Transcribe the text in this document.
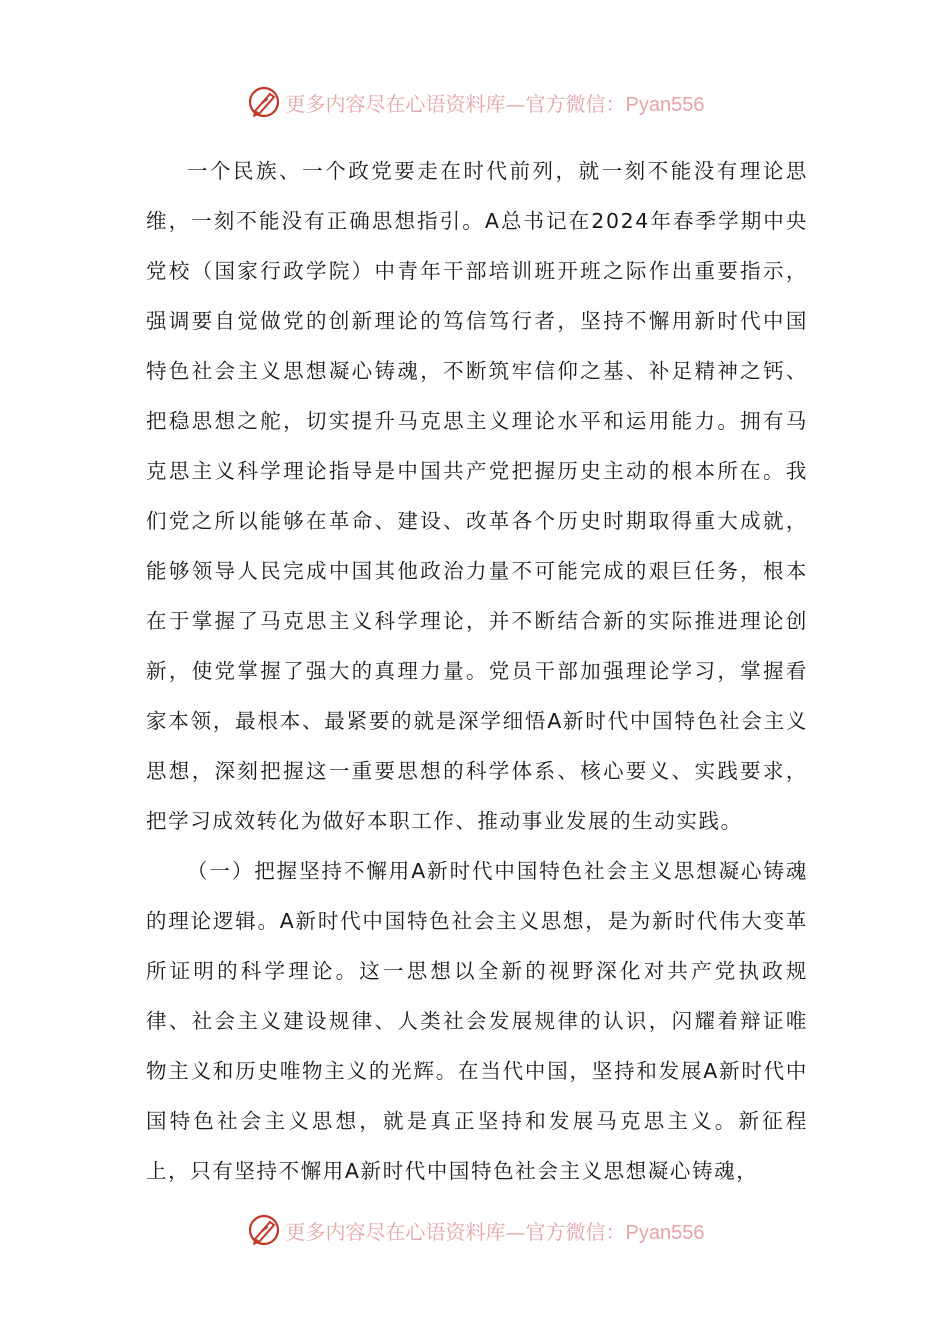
更多内容尽在心语资料库—官方微信：Pyan556

一个民族、一个政党要走在时代前列，就一刻不能没有理论思维，一刻不能没有正确思想指引。A总书记在2024年春季学期中央党校（国家行政学院）中青年干部培训班开班之际作出重要指示，强调要自觉做党的创新理论的笃信笃行者，坚持不懈用新时代中国特色社会主义思想凝心铸魂，不断筑牢信仰之基、补足精神之钙、把稳思想之舵，切实提升马克思主义理论水平和运用能力。拥有马克思主义科学理论指导是中国共产党把握历史主动的根本所在。我们党之所以能够在革命、建设、改革各个历史时期取得重大成就，能够领导人民完成中国其他政治力量不可能完成的艰巨任务，根本在于掌握了马克思主义科学理论，并不断结合新的实际推进理论创新，使党掌握了强大的真理力量。党员干部加强理论学习，掌握看家本领，最根本、最紧要的就是深学细悟A新时代中国特色社会主义思想，深刻把握这一重要思想的科学体系、核心要义、实践要求，把学习成效转化为做好本职工作、推动事业发展的生动实践。

（一）把握坚持不懈用A新时代中国特色社会主义思想凝心铸魂的理论逻辑。A新时代中国特色社会主义思想，是为新时代伟大变革所证明的科学理论。这一思想以全新的视野深化对共产党执政规律、社会主义建设规律、人类社会发展规律的认识，闪耀着辩证唯物主义和历史唯物主义的光辉。在当代中国，坚持和发展A新时代中国特色社会主义思想，就是真正坚持和发展马克思主义。新征程上，只有坚持不懈用A新时代中国特色社会主义思想凝心铸魂，

更多内容尽在心语资料库—官方微信：Pyan556
